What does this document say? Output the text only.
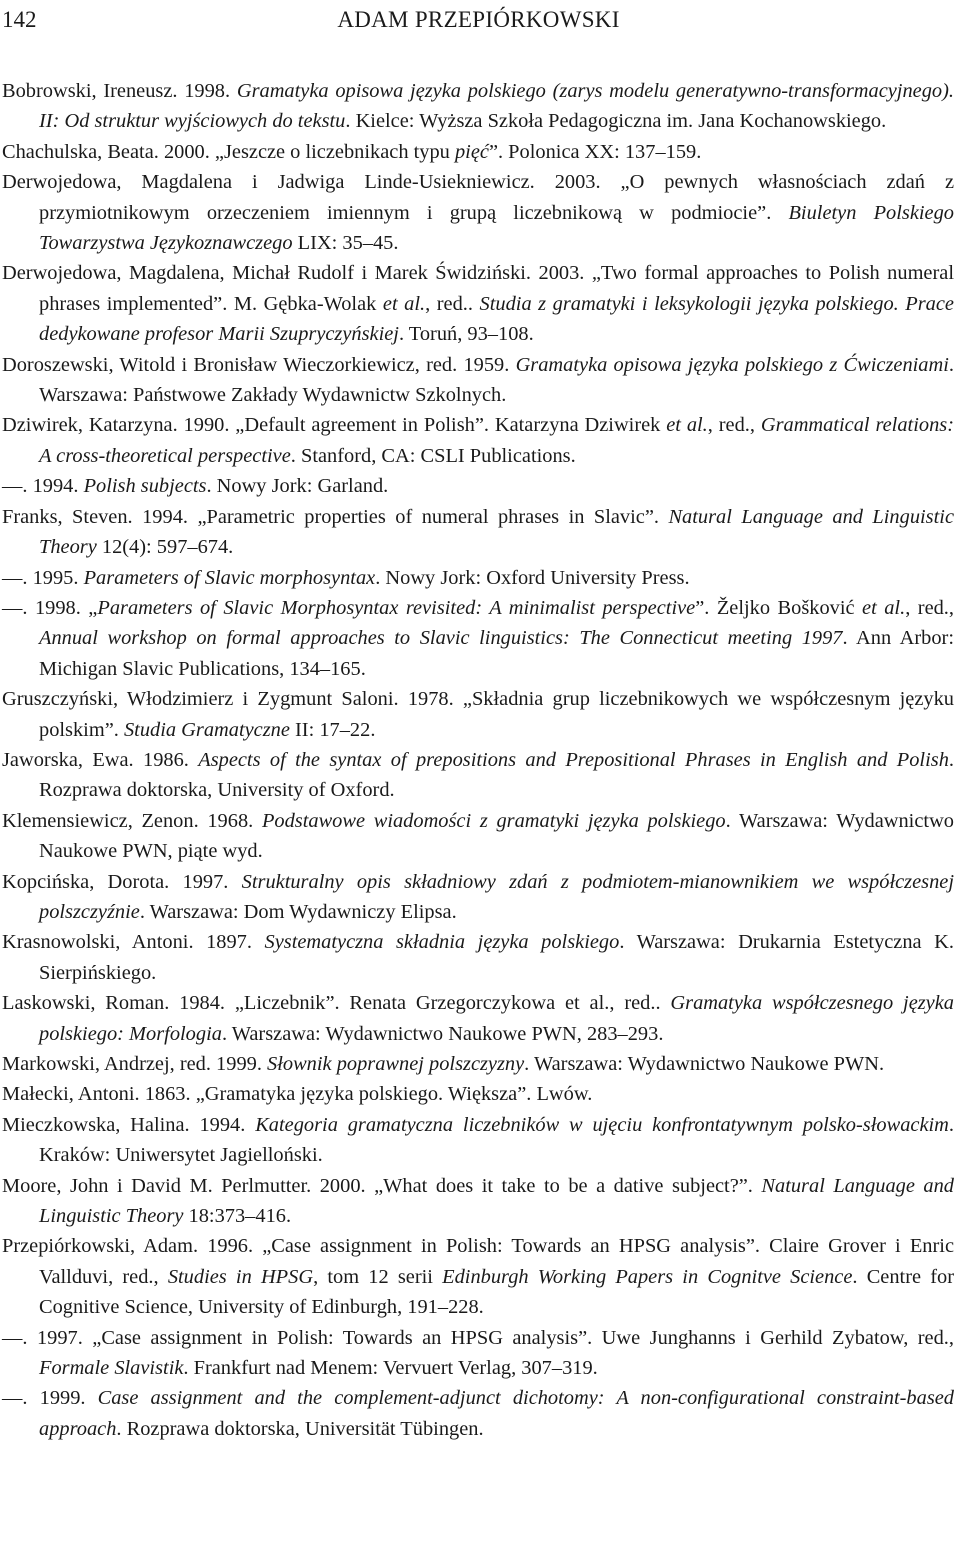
142	ADAM PRZEPIÓRKOWSKI

Bobrowski, Ireneusz. 1998. Gramatyka opisowa języka polskiego (zarys modelu generatywno-transformacyjnego). II: Od struktur wyjściowych do tekstu. Kielce: Wyższa Szkoła Pedagogiczna im. Jana Kochanowskiego.

Chachulska, Beata. 2000. „Jeszcze o liczebnikach typu pięć”. Polonica XX: 137–159.

Derwojedowa, Magdalena i Jadwiga Linde-Usiekniewicz. 2003. „O pewnych własnościach zdań z przymiotnikowym orzeczeniem imiennym i grupą liczebnikową w podmiocie”. Biuletyn Polskiego Towarzystwa Językoznawczego LIX: 35–45.

Derwojedowa, Magdalena, Michał Rudolf i Marek Świdziński. 2003. „Two formal approaches to Polish numeral phrases implemented”. M. Gębka-Wolak et al., red.. Studia z gramatyki i leksykologii języka polskiego. Prace dedykowane profesor Marii Szupryczyńskiej. Toruń, 93–108.

Doroszewski, Witold i Bronisław Wieczorkiewicz, red. 1959. Gramatyka opisowa języka polskiego z Ćwiczeniami. Warszawa: Państwowe Zakłady Wydawnictw Szkolnych.

Dziwirek, Katarzyna. 1990. „Default agreement in Polish”. Katarzyna Dziwirek et al., red., Grammatical relations: A cross-theoretical perspective. Stanford, CA: CSLI Publications.

—. 1994. Polish subjects. Nowy Jork: Garland.

Franks, Steven. 1994. „Parametric properties of numeral phrases in Slavic”. Natural Language and Linguistic Theory 12(4): 597–674.

—. 1995. Parameters of Slavic morphosyntax. Nowy Jork: Oxford University Press.

—. 1998. „Parameters of Slavic Morphosyntax revisited: A minimalist perspective”. Željko Bošković et al., red., Annual workshop on formal approaches to Slavic linguistics: The Connecticut meeting 1997. Ann Arbor: Michigan Slavic Publications, 134–165.

Gruszczyński, Włodzimierz i Zygmunt Saloni. 1978. „Składnia grup liczebnikowych we współczesnym języku polskim”. Studia Gramatyczne II: 17–22.

Jaworska, Ewa. 1986. Aspects of the syntax of prepositions and Prepositional Phrases in English and Polish. Rozprawa doktorska, University of Oxford.

Klemensiewicz, Zenon. 1968. Podstawowe wiadomości z gramatyki języka polskiego. Warszawa: Wydawnictwo Naukowe PWN, piąte wyd.

Kopcińska, Dorota. 1997. Strukturalny opis składniowy zdań z podmiotem-mianownikiem we współczesnej polszczyźnie. Warszawa: Dom Wydawniczy Elipsa.

Krasnowolski, Antoni. 1897. Systematyczna składnia języka polskiego. Warszawa: Drukarnia Estetyczna K. Sierpińskiego.

Laskowski, Roman. 1984. „Liczebnik”. Renata Grzegorczykowa et al., red.. Gramatyka współczesnego języka polskiego: Morfologia. Warszawa: Wydawnictwo Naukowe PWN, 283–293.

Markowski, Andrzej, red. 1999. Słownik poprawnej polszczyzny. Warszawa: Wydawnictwo Naukowe PWN.

Małecki, Antoni. 1863. „Gramatyka języka polskiego. Większa”. Lwów.

Mieczkowska, Halina. 1994. Kategoria gramatyczna liczebników w ujęciu konfrontatywnym polsko-słowackim. Kraków: Uniwersytet Jagielloński.

Moore, John i David M. Perlmutter. 2000. „What does it take to be a dative subject?”. Natural Language and Linguistic Theory 18:373–416.

Przepiórkowski, Adam. 1996. „Case assignment in Polish: Towards an HPSG analysis”. Claire Grover i Enric Vallduvi, red., Studies in HPSG, tom 12 serii Edinburgh Working Papers in Cognitve Science. Centre for Cognitive Science, University of Edinburgh, 191–228.

—. 1997. „Case assignment in Polish: Towards an HPSG analysis”. Uwe Junghanns i Gerhild Zybatow, red., Formale Slavistik. Frankfurt nad Menem: Vervuert Verlag, 307–319.

—. 1999. Case assignment and the complement-adjunct dichotomy: A non-configurational constraint-based approach. Rozprawa doktorska, Universität Tübingen.
